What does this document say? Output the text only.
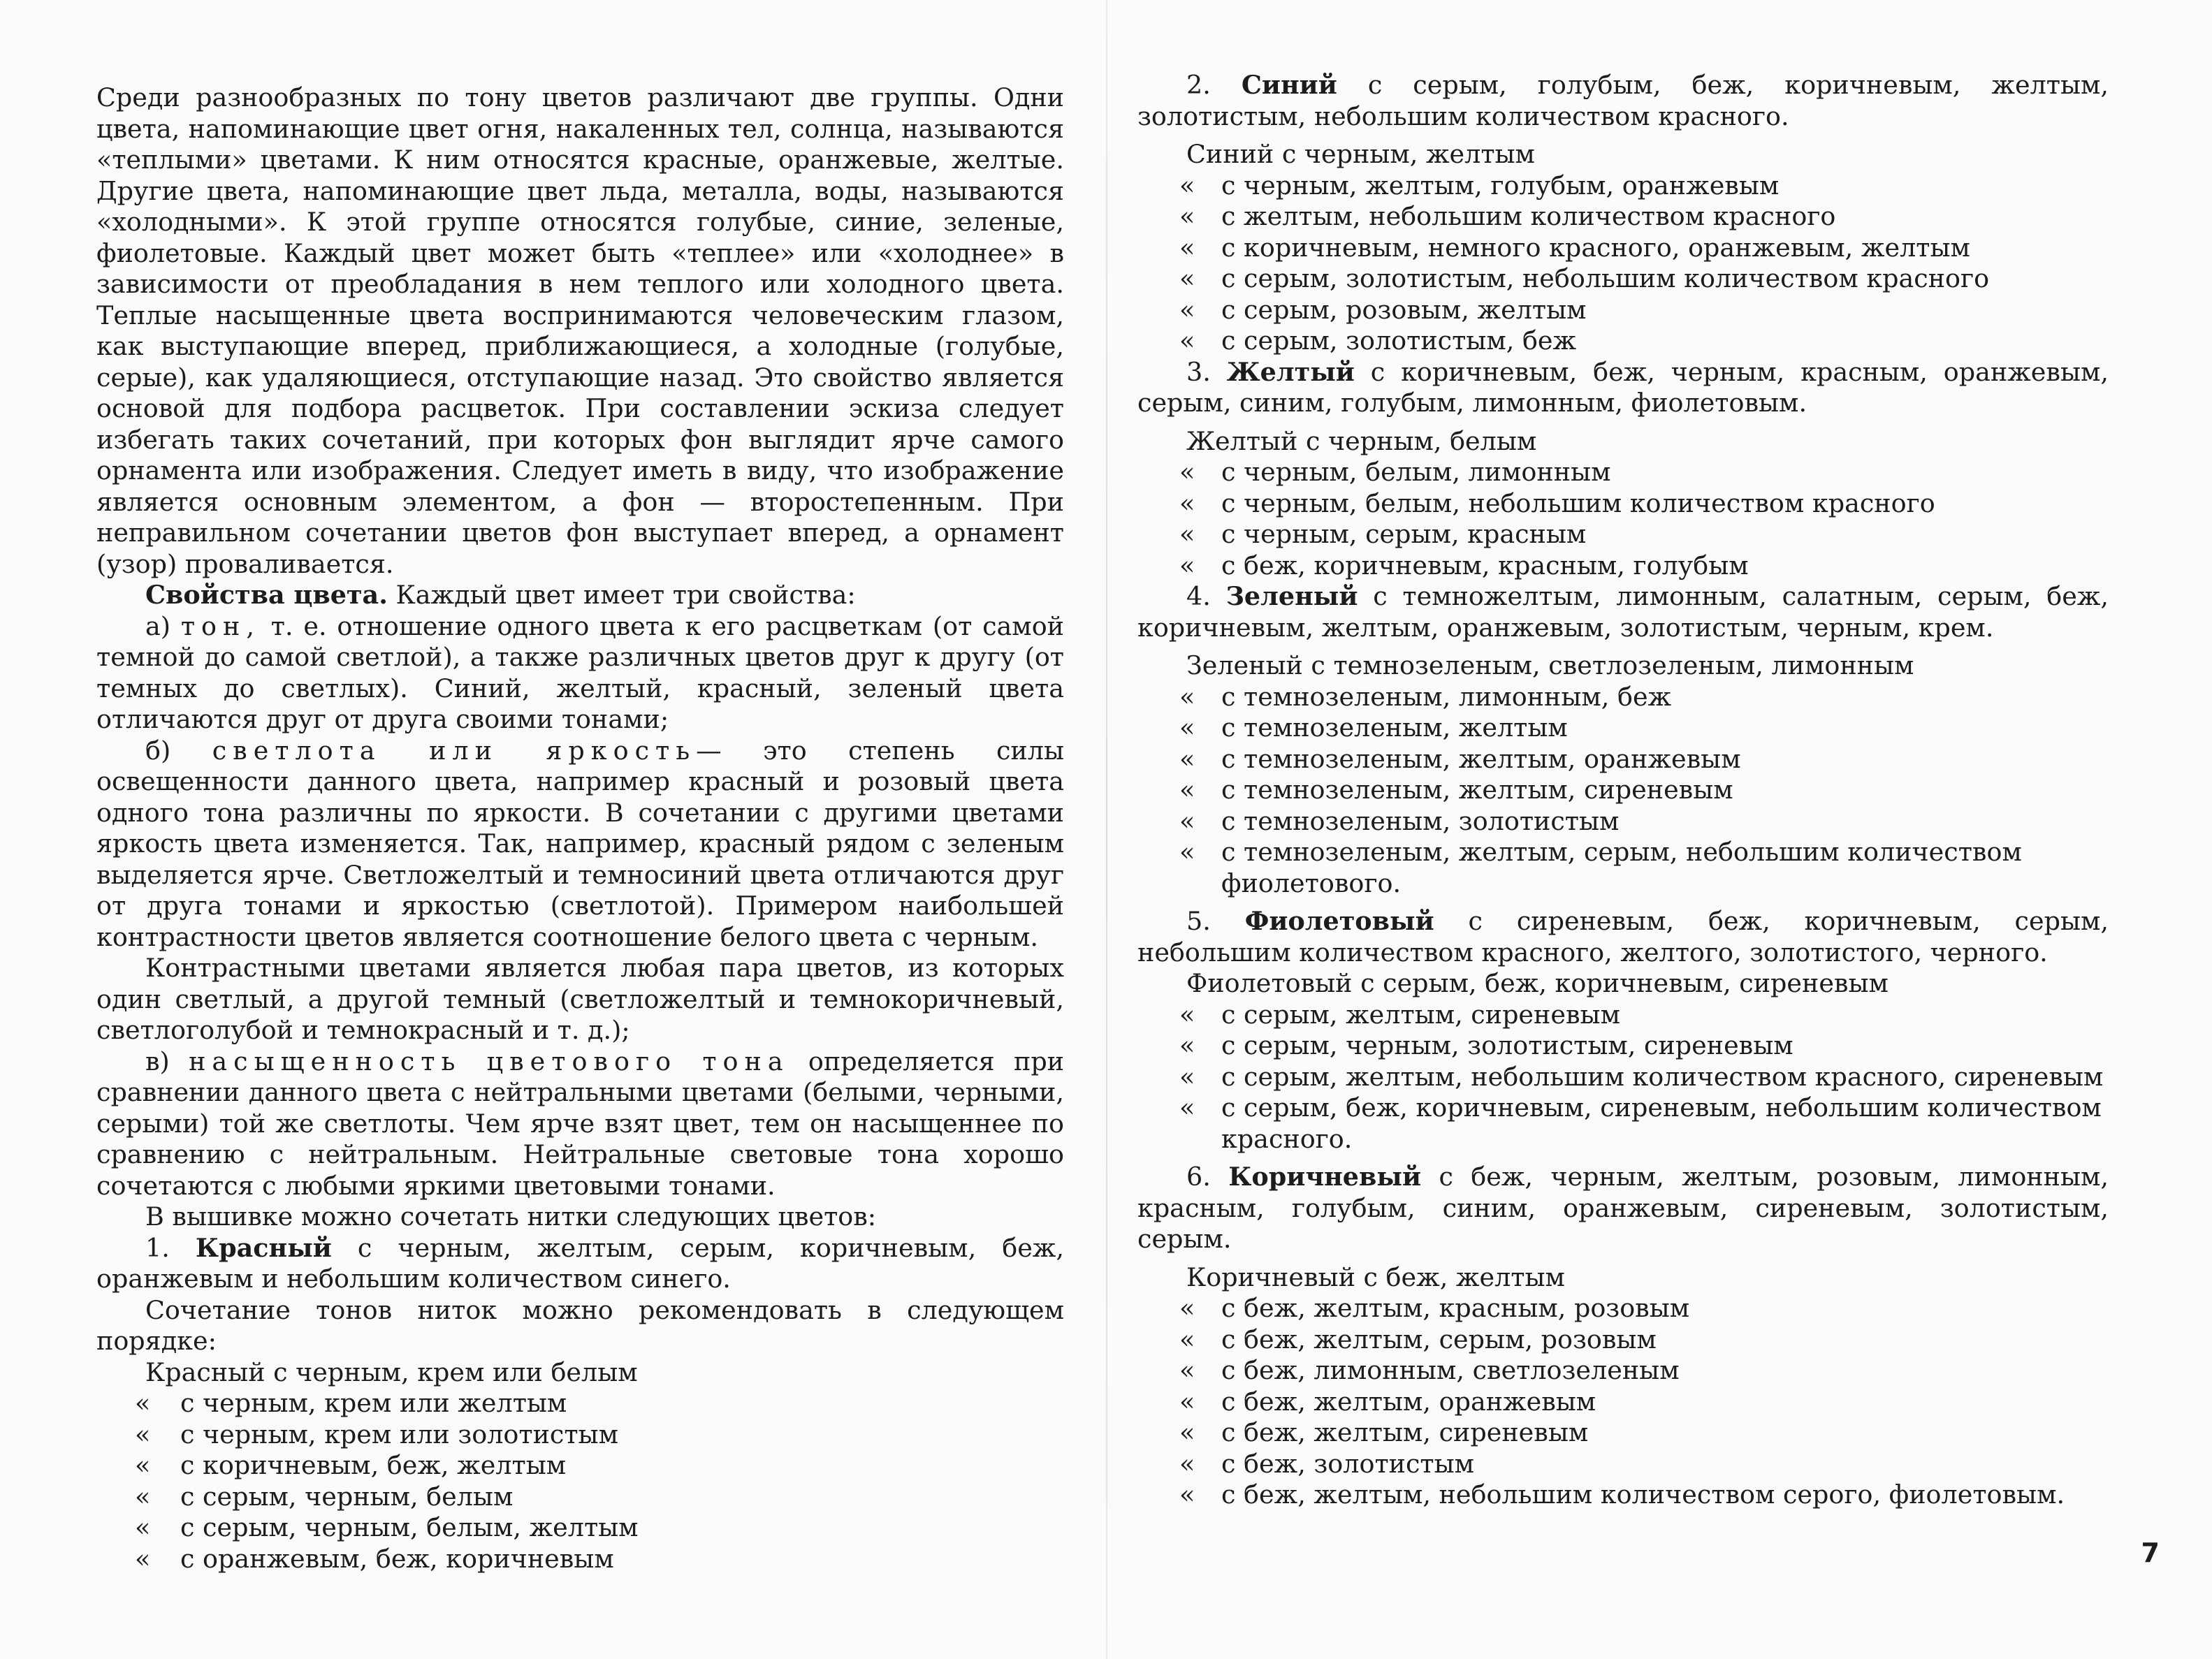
Среди разнообразных по тону цветов различают две группы. Одни цвета, напоминающие цвет огня, накаленных тел, солнца, называются «теплыми» цветами. К ним относятся красные, оранжевые, желтые. Другие цвета, напоминающие цвет льда, металла, воды, называются «холодными». К этой группе относятся голубые, синие, зеленые, фиолетовые. Каждый цвет может быть «теплее» или «холоднее» в зависимости от преобладания в нем теплого или холодного цвета. Теплые насыщенные цвета воспринимаются человеческим глазом, как выступающие вперед, приближающиеся, а холодные (голубые, серые), как удаляющиеся, отступающие назад. Это свойство является основой для подбора расцветок. При составлении эскиза следует избегать таких сочетаний, при которых фон выглядит ярче самого орнамента или изображения. Следует иметь в виду, что изображение является основным элементом, а фон — второстепенным. При неправильном сочетании цветов фон выступает вперед, а орнамент (узор) проваливается.

Свойства цвета. Каждый цвет имеет три свойства:

а) тон, т. е. отношение одного цвета к его расцветкам (от самой темной до самой светлой), а также различных цветов друг к другу (от темных до светлых). Синий, желтый, красный, зеленый цвета отличаются друг от друга своими тонами;

б) светлота или яркость— это степень силы освещенности данного цвета, например красный и розовый цвета одного тона различны по яркости. В сочетании с другими цветами яркость цвета изменяется. Так, например, красный рядом с зеленым выделяется ярче. Светложелтый и темносиний цвета отличаются друг от друга тонами и яркостью (светлотой). Примером наибольшей контрастности цветов является соотношение белого цвета с черным.

Контрастными цветами является любая пара цветов, из которых один светлый, а другой темный (светложелтый и темнокоричневый, светлоголубой и темнокрасный и т. д.);

в) насыщенность цветового тона определяется при сравнении данного цвета с нейтральными цветами (белыми, черными, серыми) той же светлоты. Чем ярче взят цвет, тем он насыщеннее по сравнению с нейтральным. Нейтральные световые тона хорошо сочетаются с любыми яркими цветовыми тонами.

В вышивке можно сочетать нитки следующих цветов:

1. Красный с черным, желтым, серым, коричневым, беж, оранжевым и небольшим количеством синего.

Сочетание тонов ниток можно рекомендовать в следующем порядке:

Красный с черным, крем или белым
«	с черным, крем или желтым
«	с черным, крем или золотистым
«	с коричневым, беж, желтым
«	с серым, черным, белым
«	с серым, черным, белым, желтым
«	с оранжевым, беж, коричневым

2. Синий с серым, голубым, беж, коричневым, желтым, золотистым, небольшим количеством красного.

Синий с черным, желтым
«	с черным, желтым, голубым, оранжевым
«	с желтым, небольшим количеством красного
«	с коричневым, немного красного, оранжевым, желтым
«	с серым, золотистым, небольшим количеством красного
«	с серым, розовым, желтым
«	с серым, золотистым, беж

3. Желтый с коричневым, беж, черным, красным, оранжевым, серым, синим, голубым, лимонным, фиолетовым.

Желтый с черным, белым
«	с черным, белым, лимонным
«	с черным, белым, небольшим количеством красного
«	с черным, серым, красным
«	с беж, коричневым, красным, голубым

4. Зеленый с темножелтым, лимонным, салатным, серым, беж, коричневым, желтым, оранжевым, золотистым, черным, крем.

Зеленый с темнозеленым, светлозеленым, лимонным
«	с темнозеленым, лимонным, беж
«	с темнозеленым, желтым
«	с темнозеленым, желтым, оранжевым
«	с темнозеленым, желтым, сиреневым
«	с темнозеленым, золотистым
«	с темнозеленым, желтым, серым, небольшим количеством фиолетового.

5. Фиолетовый с сиреневым, беж, коричневым, серым, небольшим количеством красного, желтого, золотистого, черного.

Фиолетовый с серым, беж, коричневым, сиреневым
«	с серым, желтым, сиреневым
«	с серым, черным, золотистым, сиреневым
«	с серым, желтым, небольшим количеством красного, сиреневым
«	с серым, беж, коричневым, сиреневым, небольшим количеством красного.

6. Коричневый с беж, черным, желтым, розовым, лимонным, красным, голубым, синим, оранжевым, сиреневым, золотистым, серым.

Коричневый с беж, желтым
«	с беж, желтым, красным, розовым
«	с беж, желтым, серым, розовым
«	с беж, лимонным, светлозеленым
«	с беж, желтым, оранжевым
«	с беж, желтым, сиреневым
«	с беж, золотистым
«	с беж, желтым, небольшим количеством серого, фиолетовым.
7
